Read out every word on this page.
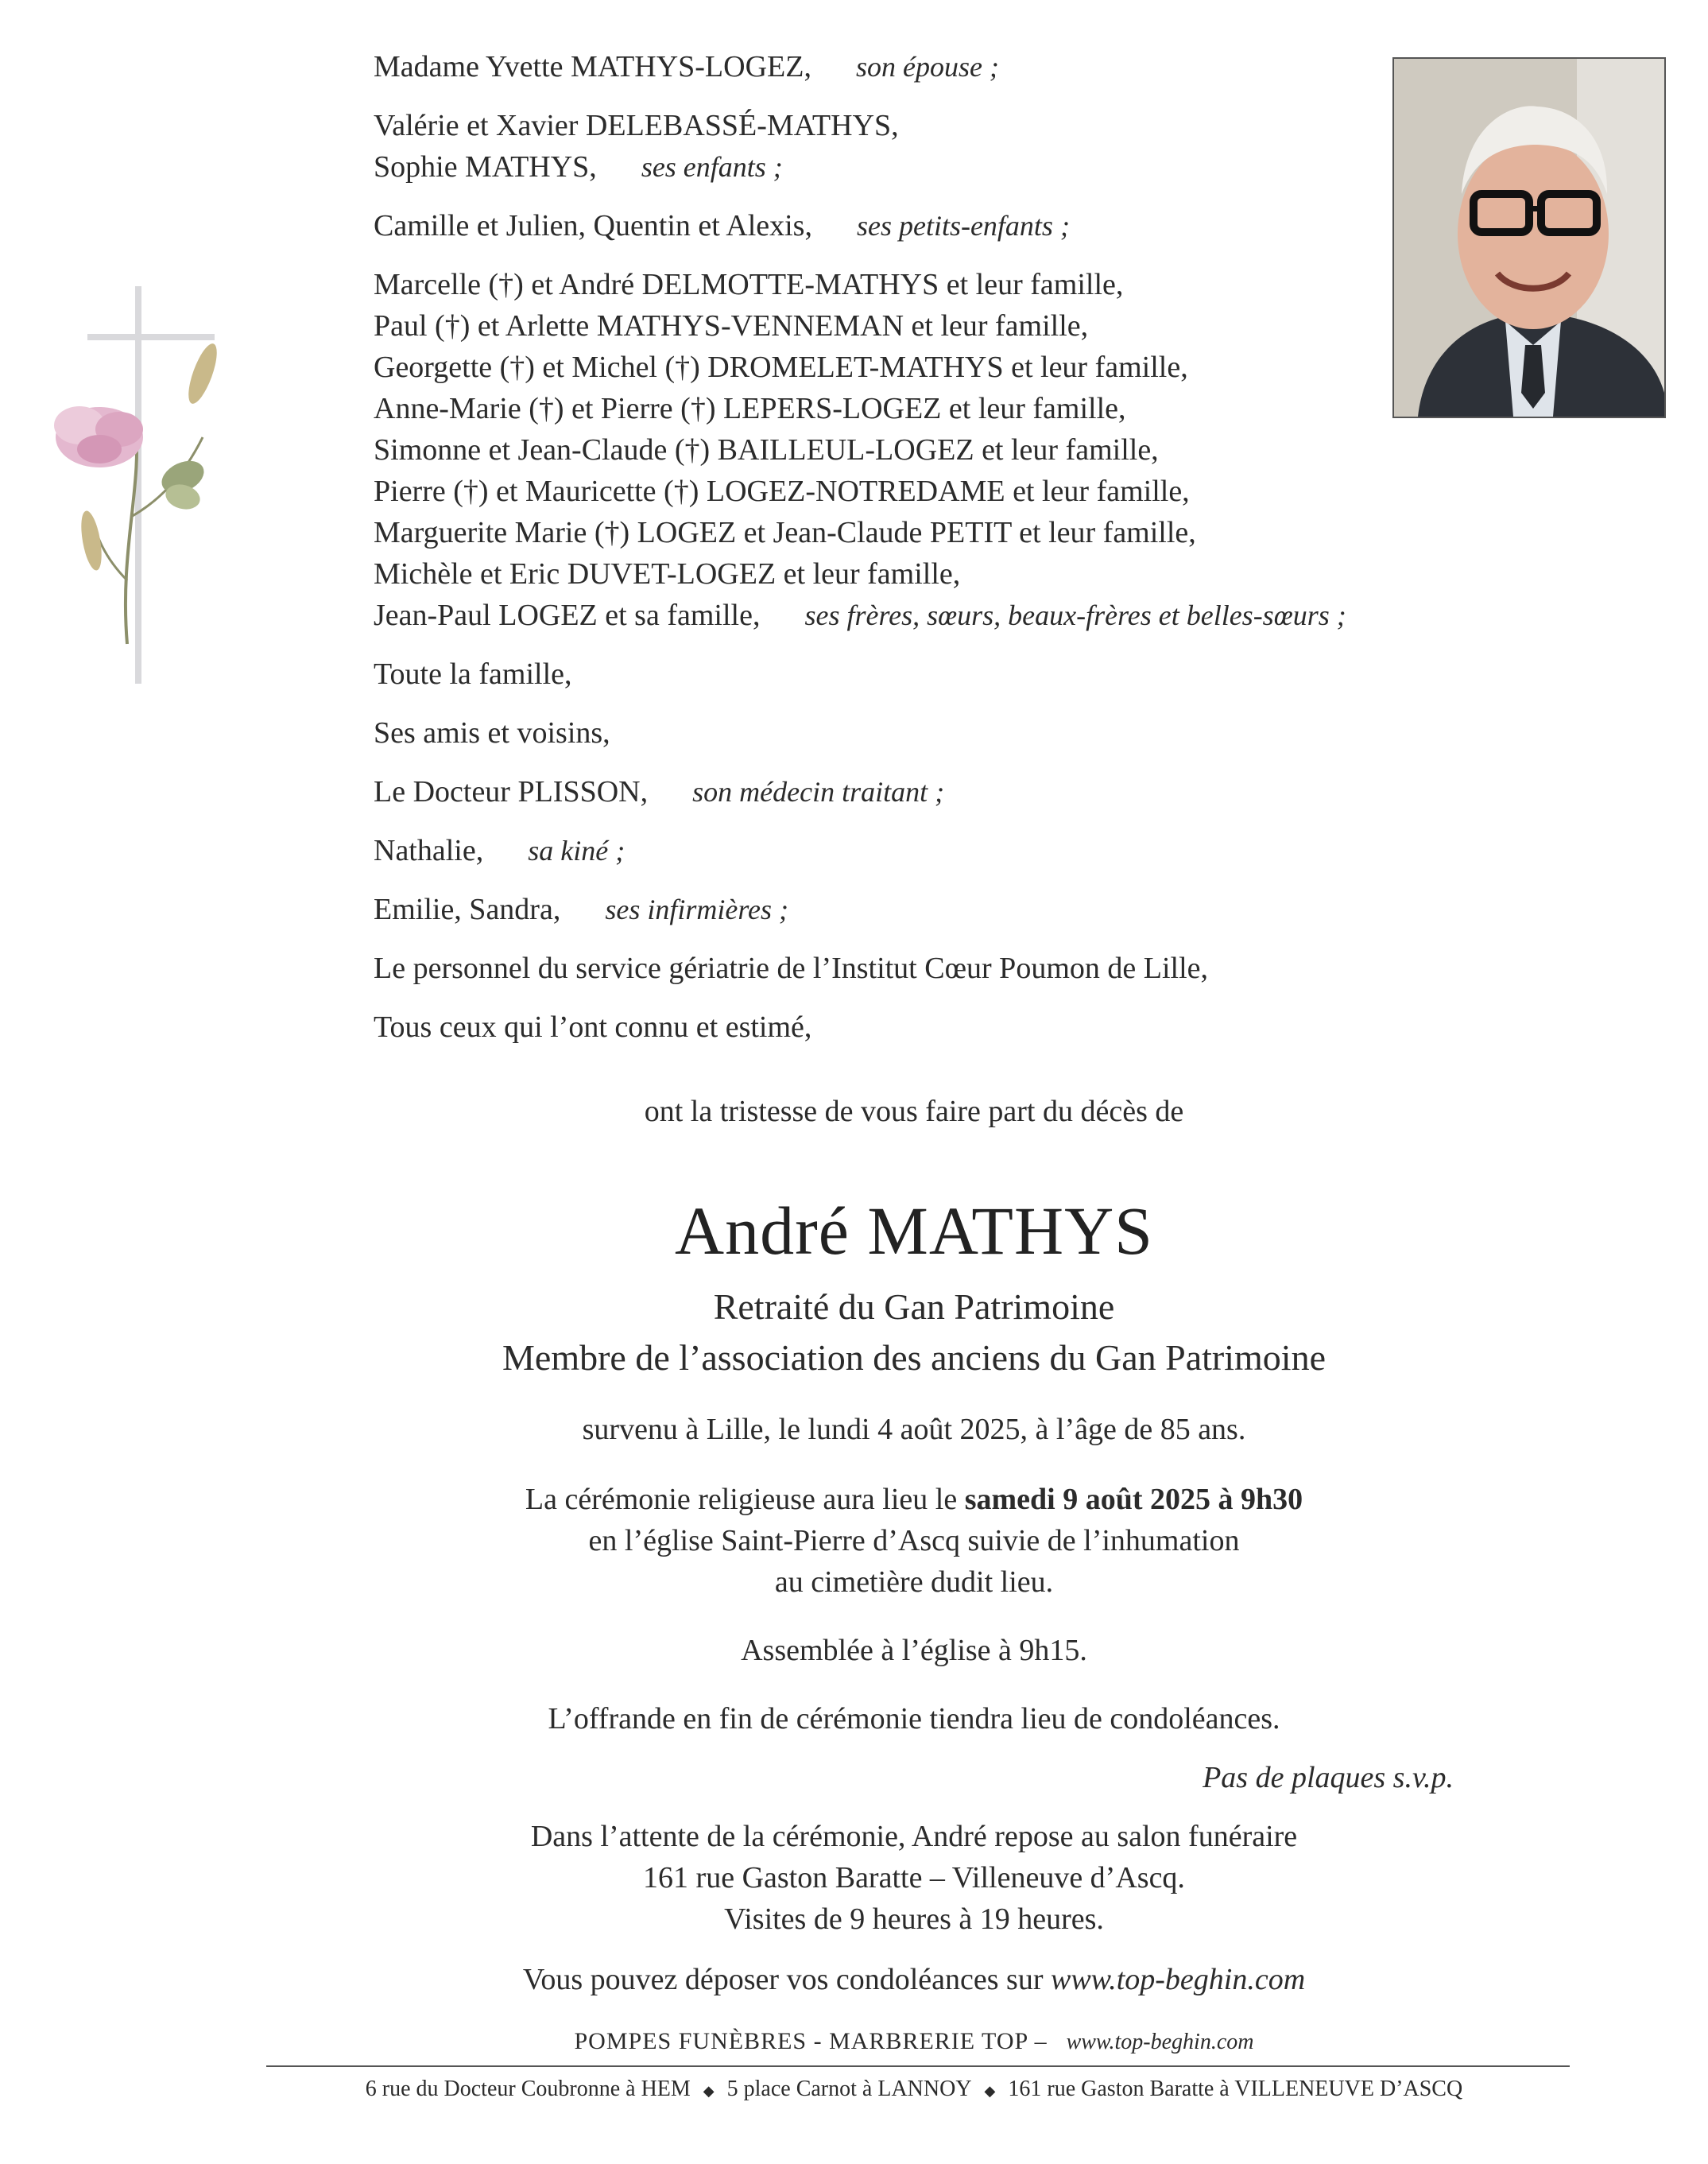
Madame Yvette MATHYS-LOGEZ, son épouse ;
Valérie et Xavier DELEBASSÉ-MATHYS,
Sophie MATHYS, ses enfants ;
Camille et Julien, Quentin et Alexis, ses petits-enfants ;
Marcelle (†) et André DELMOTTE-MATHYS et leur famille,
Paul (†) et Arlette MATHYS-VENNEMAN et leur famille,
Georgette (†) et Michel (†) DROMELET-MATHYS et leur famille,
Anne-Marie (†) et Pierre (†) LEPERS-LOGEZ et leur famille,
Simonne et Jean-Claude (†) BAILLEUL-LOGEZ et leur famille,
Pierre (†) et Mauricette (†) LOGEZ-NOTREDAME et leur famille,
Marguerite Marie (†) LOGEZ et Jean-Claude PETIT et leur famille,
Michèle et Eric DUVET-LOGEZ et leur famille,
Jean-Paul LOGEZ et sa famille, ses frères, sœurs, beaux-frères et belles-sœurs ;
Toute la famille,
Ses amis et voisins,
Le Docteur PLISSON, son médecin traitant ;
Nathalie, sa kiné ;
Emilie, Sandra, ses infirmières ;
Le personnel du service gériatrie de l’Institut Cœur Poumon de Lille,
Tous ceux qui l’ont connu et estimé,
ont la tristesse de vous faire part du décès de
André MATHYS
Retraité du Gan Patrimoine
Membre de l’association des anciens du Gan Patrimoine
survenu à Lille, le lundi 4 août 2025, à l’âge de 85 ans.
La cérémonie religieuse aura lieu le samedi 9 août 2025 à 9h30
en l’église Saint-Pierre d’Ascq suivie de l’inhumation
au cimetière dudit lieu.
Assemblée à l’église à 9h15.
L’offrande en fin de cérémonie tiendra lieu de condoléances.
Pas de plaques s.v.p.
Dans l’attente de la cérémonie, André repose au salon funéraire
161 rue Gaston Baratte – Villeneuve d’Ascq.
Visites de 9 heures à 19 heures.
Vous pouvez déposer vos condoléances sur www.top-beghin.com
POMPES FUNÈBRES - MARBRERIE TOP – www.top-beghin.com
6 rue du Docteur Coubronne à HEM ◆ 5 place Carnot à LANNOY ◆ 161 rue Gaston Baratte à VILLENEUVE D’ASCQ
